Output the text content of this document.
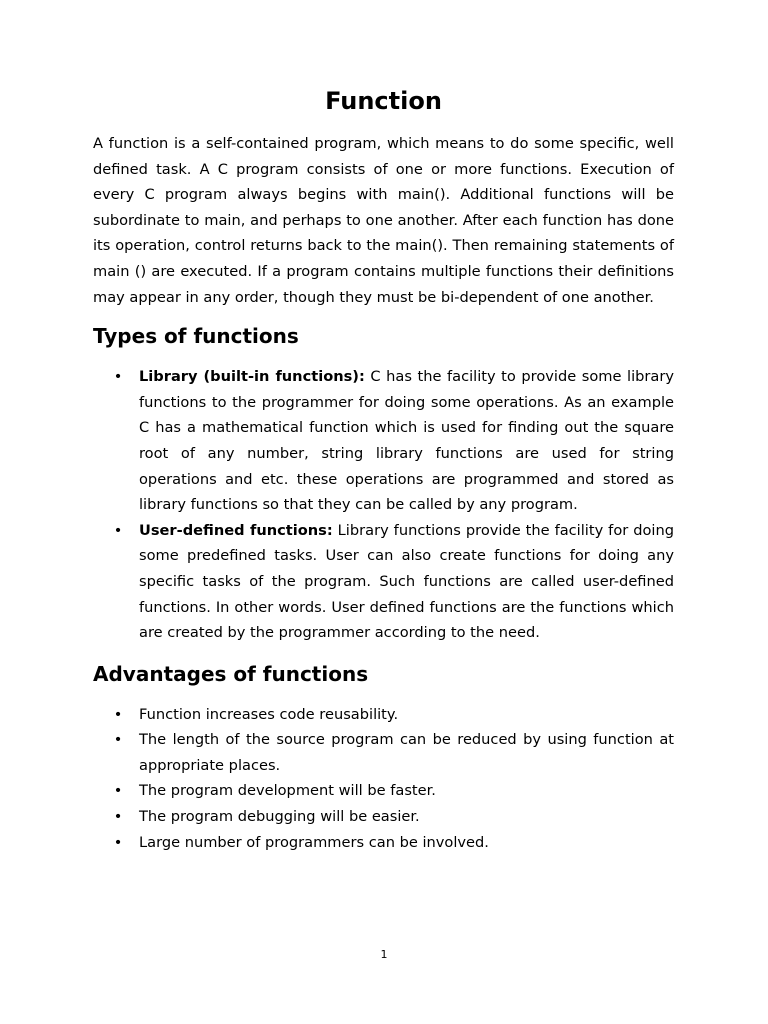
Function

A function is a self-contained program, which means to do some specific, well defined task. A C program consists of one or more functions. Execution of every C program always begins with main(). Additional functions will be subordinate to main, and perhaps to one another. After each function has done its operation, control returns back to the main(). Then remaining statements of main () are executed. If a program contains multiple functions their definitions may appear in any order, though they must be bi-dependent of one another.

Types of functions
• Library (built-in functions): C has the facility to provide some library functions to the programmer for doing some operations. As an example C has a mathematical function which is used for finding out the square root of any number, string library functions are used for string operations and etc. these operations are programmed and stored as library functions so that they can be called by any program.
• User-defined functions: Library functions provide the facility for doing some predefined tasks. User can also create functions for doing any specific tasks of the program. Such functions are called user-defined functions. In other words. User defined functions are the functions which are created by the programmer according to the need.
Advantages of functions
• Function increases code reusability.
• The length of the source program can be reduced by using function at appropriate places.
• The program development will be faster.
• The program debugging will be easier.
• Large number of programmers can be involved.
1
